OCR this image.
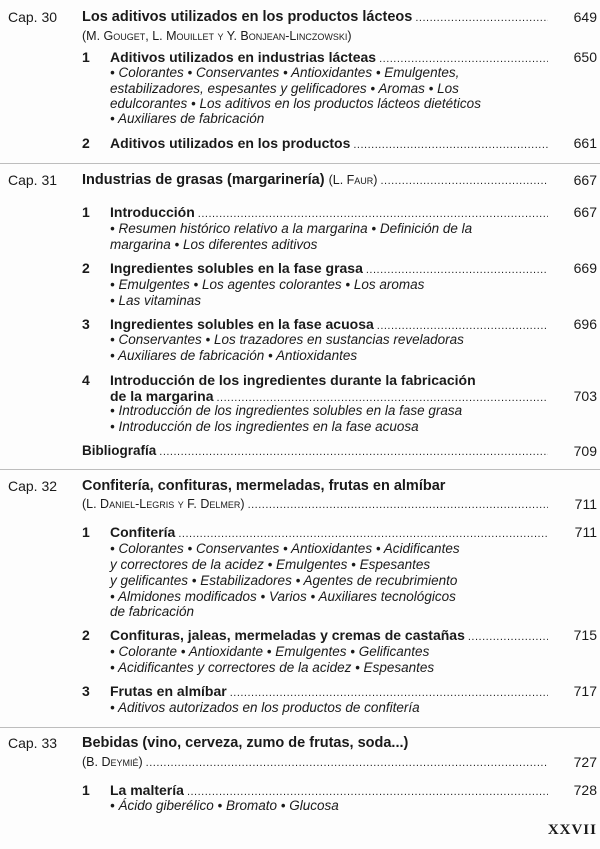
Cap. 30 Los aditivos utilizados en los productos lácteos .....	649
(M. Gouget, L. Mouillet y Y. Bonjean-Linczowski)
1 Aditivos utilizados en industrias lácteas .....	650
• Colorantes • Conservantes • Antioxidantes • Emulgentes,
estabilizadores, espesantes y gelificadores • Aromas • Los
edulcorantes • Los aditivos en los productos lácteos dietéticos
• Auxiliares de fabricación
2 Aditivos utilizados en los productos .....	661
Cap. 31 Industrias de grasas (margarinería) (L. Faur) .....	667
1 Introducción .....	667
• Resumen histórico relativo a la margarina • Definición de la
margarina • Los diferentes aditivos
2 Ingredientes solubles en la fase grasa .....	669
• Emulgentes • Los agentes colorantes • Los aromas
• Las vitaminas
3 Ingredientes solubles en la fase acuosa .....	696
• Conservantes • Los trazadores en sustancias reveladoras
• Auxiliares de fabricación • Antioxidantes
4 Introducción de los ingredientes durante la fabricación
de la margarina .....	703
• Introducción de los ingredientes solubles en la fase grasa
• Introducción de los ingredientes en la fase acuosa
Bibliografía .....	709
Cap. 32 Confitería, confituras, mermeladas, frutas en almíbar
(L. Daniel-Legris y F. Delmer) .....	711
1 Confitería .....	711
• Colorantes • Conservantes • Antioxidantes • Acidificantes
y correctores de la acidez • Emulgentes • Espesantes
y gelificantes • Estabilizadores • Agentes de recubrimiento
• Almidones modificados • Varios • Auxiliares tecnológicos
de fabricación
2 Confituras, jaleas, mermeladas y cremas de castañas .....	715
• Colorante • Antioxidante • Emulgentes • Gelificantes
• Acidificantes y correctores de la acidez • Espesantes
3 Frutas en almíbar .....	717
• Aditivos autorizados en los productos de confitería
Cap. 33 Bebidas (vino, cerveza, zumo de frutas, soda...)
(B. Deymié) .....	727
1 La maltería .....	728
• Ácido giberélico • Bromato • Glucosa
XXVII
